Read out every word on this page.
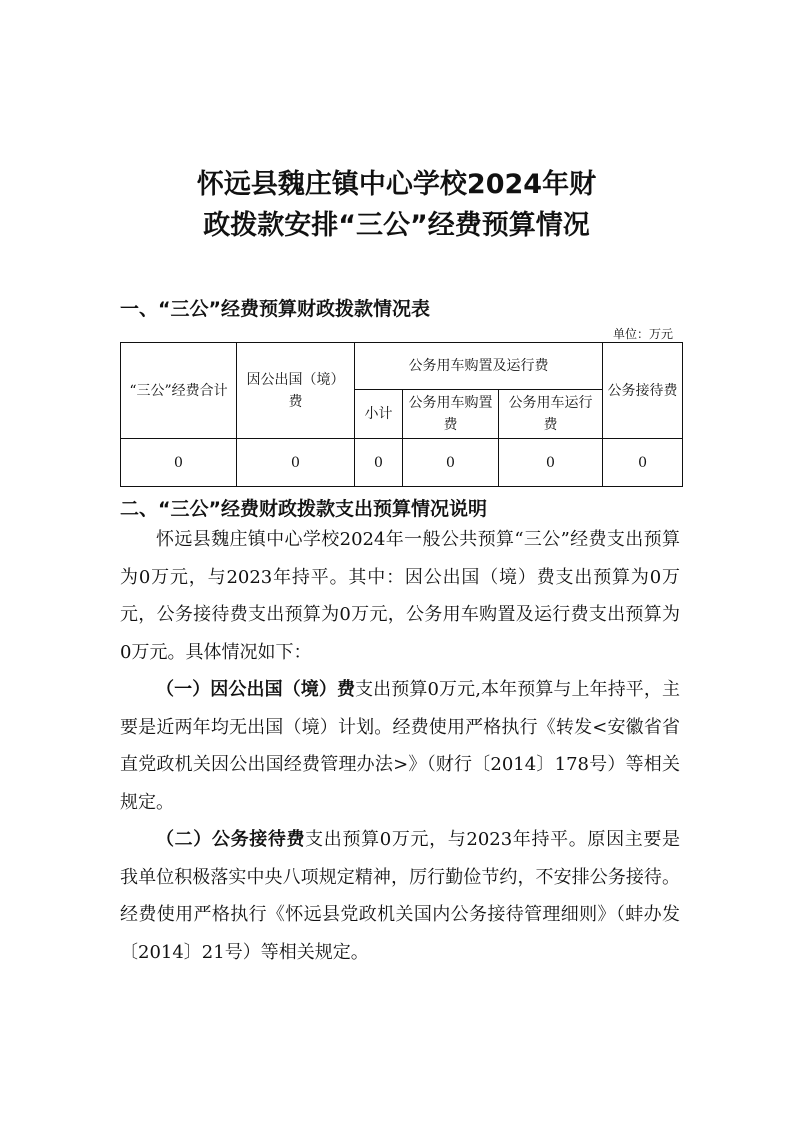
怀远县魏庄镇中心学校2024年财
政拨款安排“三公”经费预算情况
一、“三公”经费预算财政拨款情况表
单位：万元
“三公”经费合计	因公出国（境）费	公务用车购置及运行费			公务接待费
		小计	公务用车购置费	公务用车运行费	
0	0	0	0	0	0
二、“三公”经费财政拨款支出预算情况说明

怀远县魏庄镇中心学校2024年一般公共预算“三公”经费支出预算为0万元，与2023年持平。其中：因公出国（境）费支出预算为0万元，公务接待费支出预算为0万元，公务用车购置及运行费支出预算为0万元。具体情况如下：

（一）因公出国（境）费支出预算0万元,本年预算与上年持平，主要是近两年均无出国（境）计划。经费使用严格执行《转发<安徽省省直党政机关因公出国经费管理办法>》（财行〔2014〕178号）等相关规定。

（二）公务接待费支出预算0万元，与2023年持平。原因主要是我单位积极落实中央八项规定精神，厉行勤俭节约，不安排公务接待。经费使用严格执行《怀远县党政机关国内公务接待管理细则》（蚌办发〔2014〕21号）等相关规定。
